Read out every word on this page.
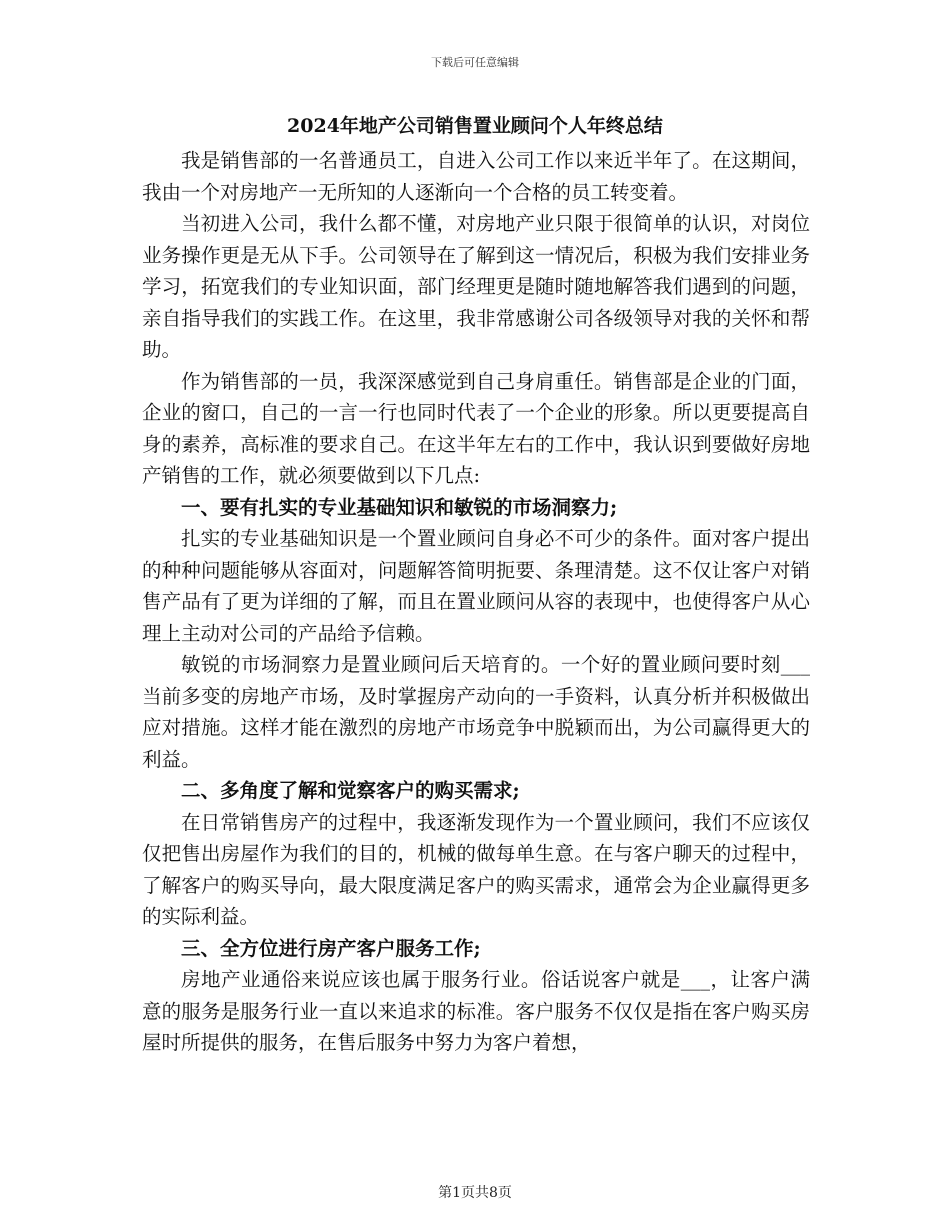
下载后可任意编辑
2024年地产公司销售置业顾问个人年终总结

我是销售部的一名普通员工，自进入公司工作以来近半年了。在这期间，我由一个对房地产一无所知的人逐渐向一个合格的员工转变着。

当初进入公司，我什么都不懂，对房地产业只限于很简单的认识，对岗位业务操作更是无从下手。公司领导在了解到这一情况后，积极为我们安排业务学习，拓宽我们的专业知识面，部门经理更是随时随地解答我们遇到的问题，亲自指导我们的实践工作。在这里，我非常感谢公司各级领导对我的关怀和帮助。

作为销售部的一员，我深深感觉到自己身肩重任。销售部是企业的门面，企业的窗口，自己的一言一行也同时代表了一个企业的形象。所以更要提高自身的素养，高标准的要求自己。在这半年左右的工作中，我认识到要做好房地产销售的工作，就必须要做到以下几点:

一、要有扎实的专业基础知识和敏锐的市场洞察力;

扎实的专业基础知识是一个置业顾问自身必不可少的条件。面对客户提出的种种问题能够从容面对，问题解答简明扼要、条理清楚。这不仅让客户对销售产品有了更为详细的了解，而且在置业顾问从容的表现中，也使得客户从心理上主动对公司的产品给予信赖。

敏锐的市场洞察力是置业顾问后天培育的。一个好的置业顾问要时刻___当前多变的房地产市场，及时掌握房产动向的一手资料，认真分析并积极做出应对措施。这样才能在激烈的房地产市场竞争中脱颖而出，为公司赢得更大的利益。

二、多角度了解和觉察客户的购买需求;

在日常销售房产的过程中，我逐渐发现作为一个置业顾问，我们不应该仅仅把售出房屋作为我们的目的，机械的做每单生意。在与客户聊天的过程中，了解客户的购买导向，最大限度满足客户的购买需求，通常会为企业赢得更多的实际利益。

三、全方位进行房产客户服务工作;

房地产业通俗来说应该也属于服务行业。俗话说客户就是___，让客户满意的服务是服务行业一直以来追求的标准。客户服务不仅仅是指在客户购买房屋时所提供的服务，在售后服务中努力为客户着想，

第1页共8页
